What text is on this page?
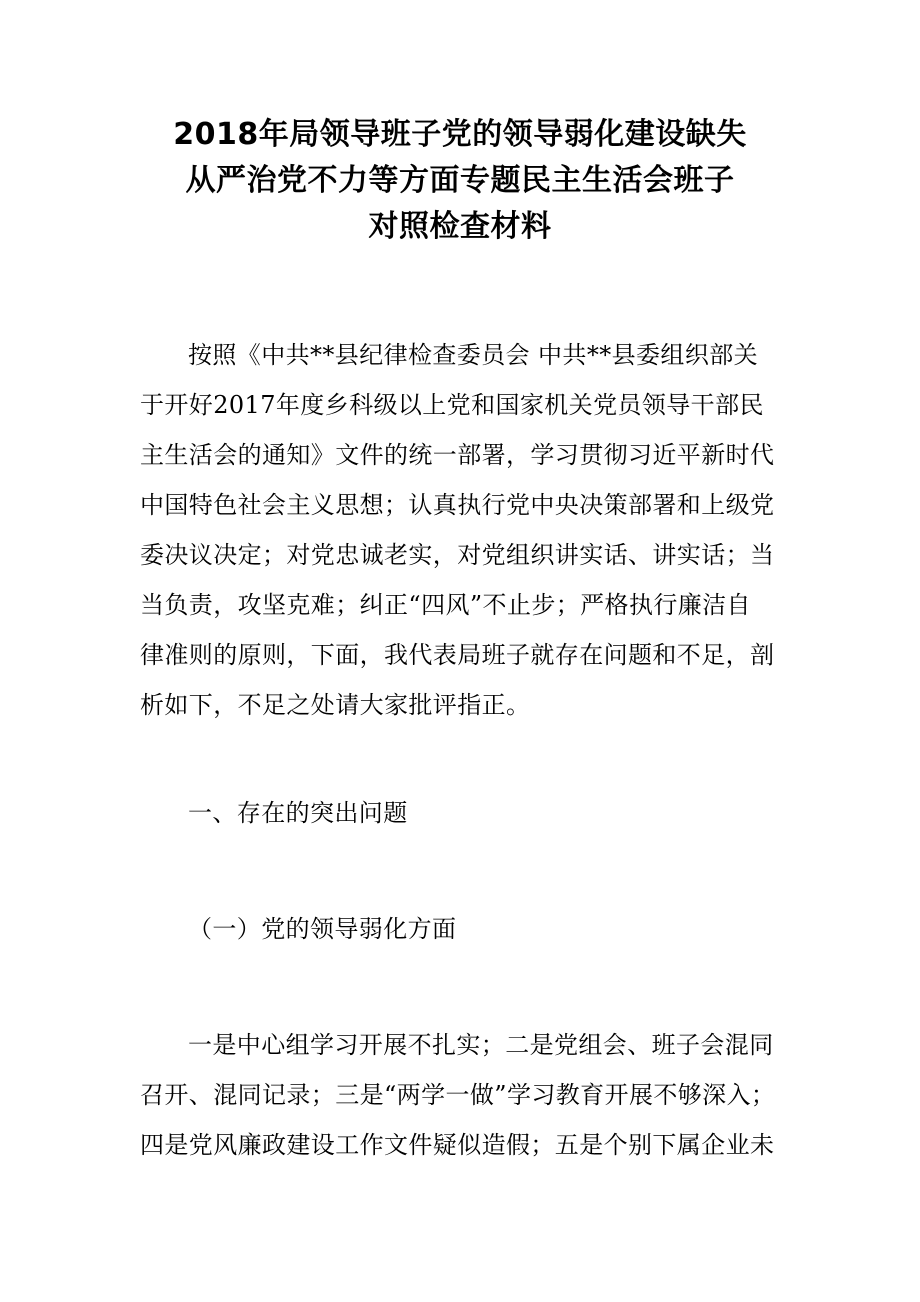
2018年局领导班子党的领导弱化建设缺失
从严治党不力等方面专题民主生活会班子
对照检查材料
按照《中共**县纪律检查委员会 中共**县委组织部关
于开好2017年度乡科级以上党和国家机关党员领导干部民
主生活会的通知》文件的统一部署，学习贯彻习近平新时代
中国特色社会主义思想；认真执行党中央决策部署和上级党
委决议决定；对党忠诚老实，对党组织讲实话、讲实话；当
当负责，攻坚克难；纠正“四风”不止步；严格执行廉洁自
律准则的原则，下面，我代表局班子就存在问题和不足，剖
析如下，不足之处请大家批评指正。
一、存在的突出问题
（一）党的领导弱化方面
一是中心组学习开展不扎实；二是党组会、班子会混同
召开、混同记录；三是“两学一做”学习教育开展不够深入；
四是党风廉政建设工作文件疑似造假；五是个别下属企业未
